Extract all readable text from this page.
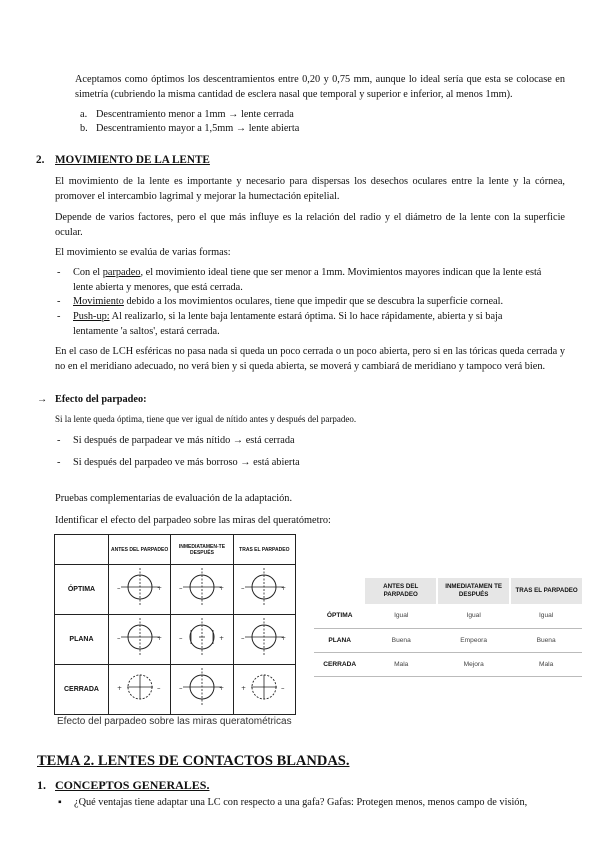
Aceptamos como óptimos los descentramientos entre 0,20 y 0,75 mm, aunque lo ideal sería que esta se colocase en simetría (cubriendo la misma cantidad de esclera nasal que temporal y superior e inferior, al menos 1mm).
a. Descentramiento menor a 1mm → lente cerrada
b. Descentramiento mayor a 1,5mm → lente abierta
2. MOVIMIENTO DE LA LENTE
El movimiento de la lente es importante y necesario para dispersas los desechos oculares entre la lente y la córnea, promover el intercambio lagrimal y mejorar la humectación epitelial.
Depende de varios factores, pero el que más influye es la relación del radio y el diámetro de la lente con la superficie ocular.
El movimiento se evalúa de varias formas:
- Con el parpadeo, el movimiento ideal tiene que ser menor a 1mm. Movimientos mayores indican que la lente está lente abierta y menores, que está cerrada.
- Movimiento debido a los movimientos oculares, tiene que impedir que se descubra la superficie corneal.
- Push-up: Al realizarlo, si la lente baja lentamente estará óptima. Si lo hace rápidamente, abierta y si baja lentamente 'a saltos', estará cerrada.
En el caso de LCH esféricas no pasa nada si queda un poco cerrada o un poco abierta, pero si en las tóricas queda cerrada y no en el meridiano adecuado, no verá bien y si queda abierta, se moverá y cambiará de meridiano y tampoco verá bien.
→ Efecto del parpadeo:
Si la lente queda óptima, tiene que ver igual de nítido antes y después del parpadeo.
- Si después de parpadear ve más nítido → está cerrada
- Si después del parpadeo ve más borroso → está abierta
Pruebas complementarias de evaluación de la adaptación.
Identificar el efecto del parpadeo sobre las miras del queratómetro:
	ANTES DEL PARPADEO	INMEDIATAMEN-TE DESPUÉS	TRAS EL PARPADEO
ÓPTIMA	– +	– +	– +

PLANA	– +	– +	– +

CERRADA	+ –	– +	+ –
Efecto del parpadeo sobre las miras queratométricas
	ANTES DEL PARPADEO	INMEDIATAMEN TE DESPUÉS	TRAS EL PARPADEO
ÓPTIMA	Igual	Igual	Igual
PLANA	Buena	Empeora	Buena
CERRADA	Mala	Mejora	Mala
TEMA 2. LENTES DE CONTACTOS BLANDAS.
1. CONCEPTOS GENERALES.
▪ ¿Qué ventajas tiene adaptar una LC con respecto a una gafa? Gafas: Protegen menos, menos campo de visión,
